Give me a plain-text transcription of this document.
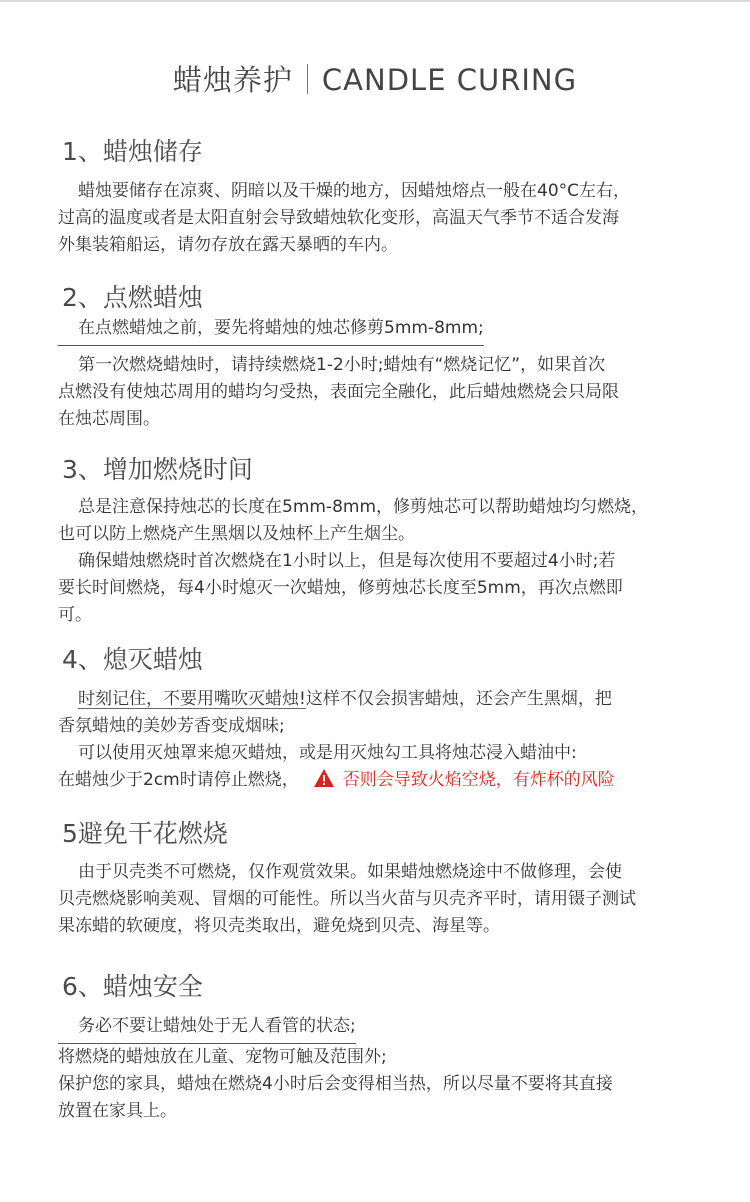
蜡烛养护 CANDLE CURING
1、蜡烛储存
蜡烛要储存在凉爽、阴暗以及干燥的地方，因蜡烛熔点一般在40°C左右，
过高的温度或者是太阳直射会导致蜡烛软化变形，高温天气季节不适合发海
外集装箱船运，请勿存放在露天暴晒的车内。
2、点燃蜡烛
在点燃蜡烛之前，要先将蜡烛的烛芯修剪5mm-8mm;
第一次燃烧蜡烛时，请持续燃烧1-2小时;蜡烛有“燃烧记忆”，如果首次
点燃没有使烛芯周用的蜡均匀受热，表面完全融化，此后蜡烛燃烧会只局限
在烛芯周围。
3、增加燃烧时间
总是注意保持烛芯的长度在5mm-8mm，修剪烛芯可以帮助蜡烛均匀燃烧，
也可以防上燃烧产生黑烟以及烛杯上产生烟尘。
确保蜡烛燃烧时首次燃烧在1小时以上，但是每次使用不要超过4小时;若
要长时间燃烧，每4小时熄灭一次蜡烛，修剪烛芯长度至5mm，再次点燃即
可。
4、熄灭蜡烛
时刻记住，不要用嘴吹灭蜡烛!这样不仅会损害蜡烛，还会产生黑烟，把
香氛蜡烛的美妙芳香变成烟味;
可以使用灭烛罩来熄灭蜡烛，或是用灭烛勾工具将烛芯浸入蜡油中:
在蜡烛少于2cm时请停止燃烧，	否则会导致火焰空烧，有炸杯的风险
5避免干花燃烧
由于贝壳类不可燃烧，仅作观赏效果。如果蜡烛燃烧途中不做修理，会使
贝壳燃烧影响美观、冒烟的可能性。所以当火苗与贝壳齐平时，请用镊子测试
果冻蜡的软硬度，将贝壳类取出，避免烧到贝壳、海星等。
6、蜡烛安全
务必不要让蜡烛处于无人看管的状态;
将燃烧的蜡烛放在儿童、宠物可触及范围外;
保护您的家具，蜡烛在燃烧4小时后会变得相当热，所以尽量不要将其直接
放置在家具上。
